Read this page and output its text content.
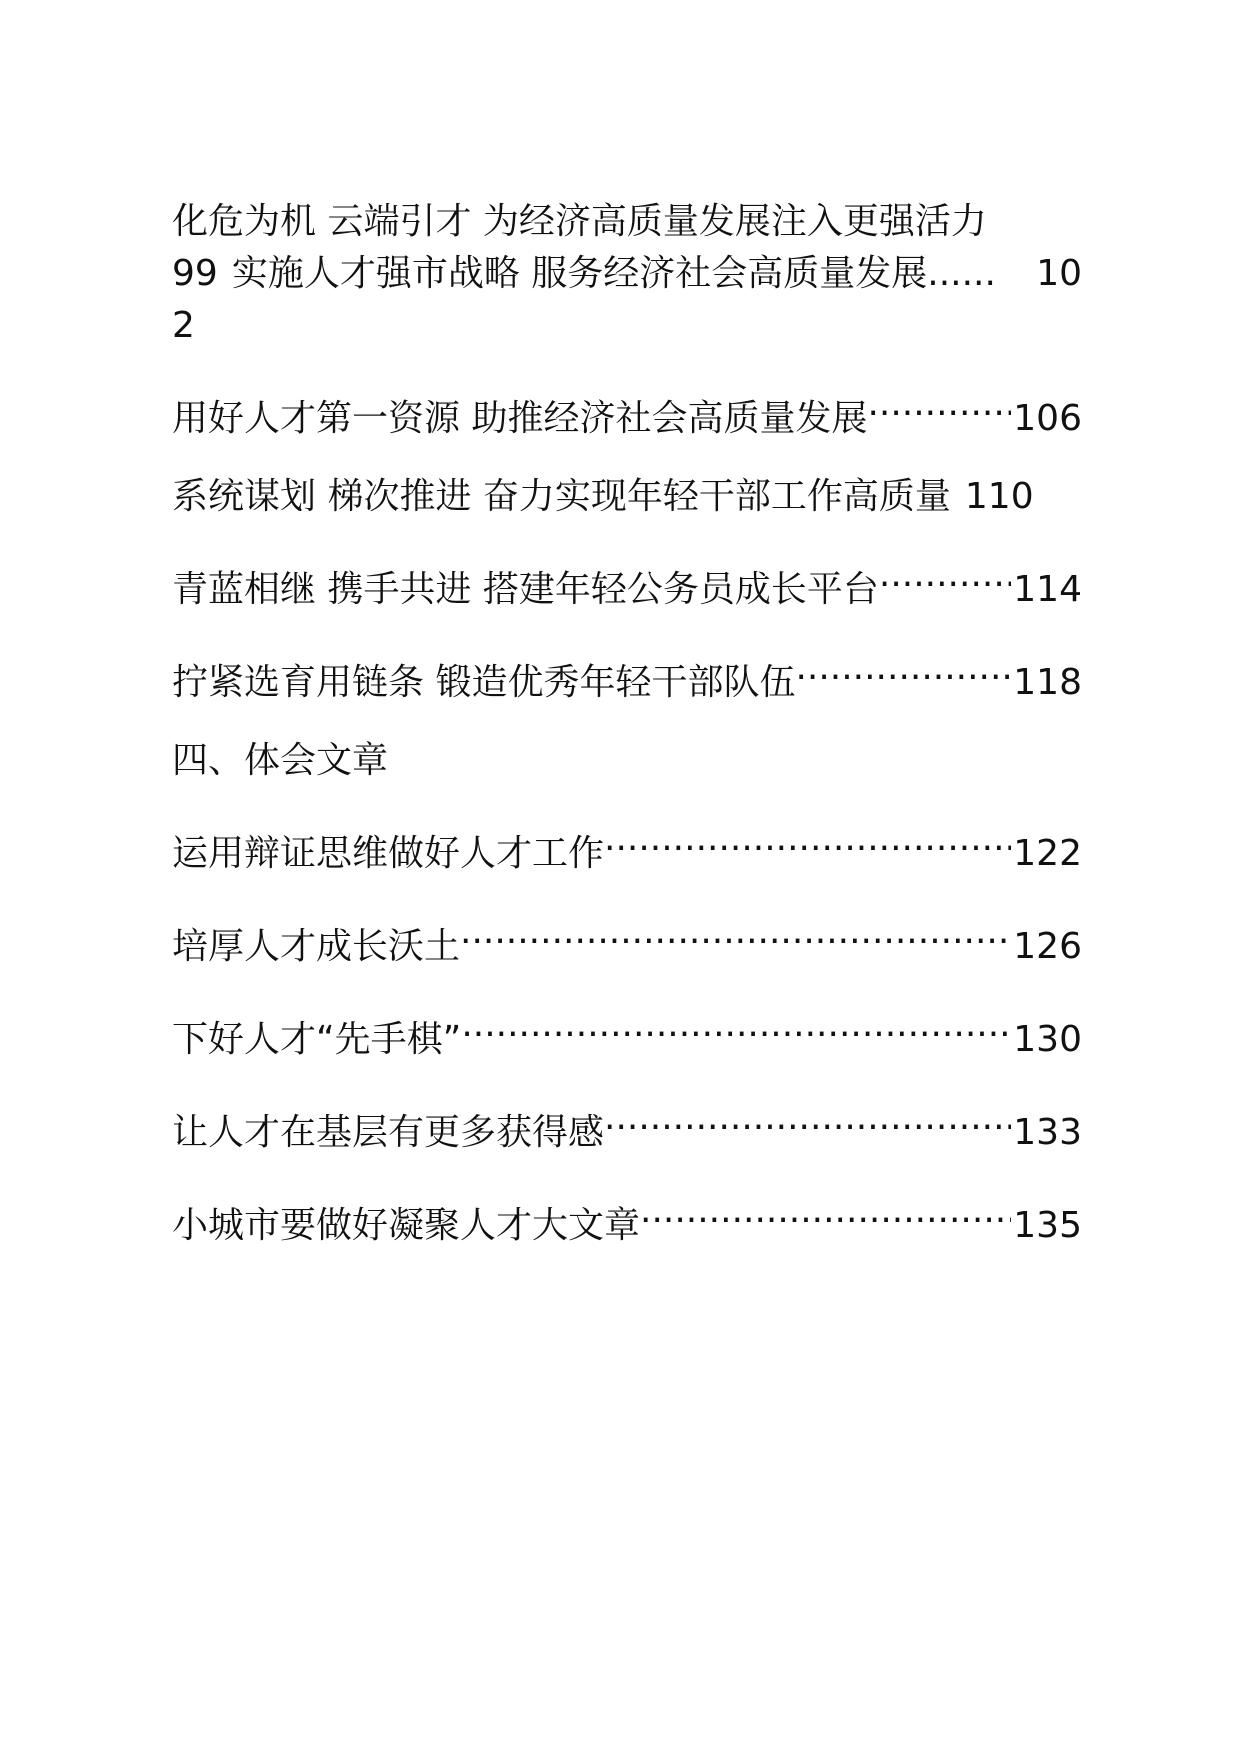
化危为机 云端引才 为经济高质量发展注入更强活力
99 实施人才强市战略 服务经济社会高质量发展 ......	10
2
用好人才第一资源 助推经济社会高质量发展 .....	106
系统谋划 梯次推进 奋力实现年轻干部工作高质量 110
青蓝相继 携手共进 搭建年轻公务员成长平台 .....	114
拧紧选育用链条 锻造优秀年轻干部队伍 .....	118
四、体会文章
运用辩证思维做好人才工作 .....	122
培厚人才成长沃土 .....	126
下好人才“先手棋” .....	130
让人才在基层有更多获得感 .....	133
小城市要做好凝聚人才大文章 .....	135
